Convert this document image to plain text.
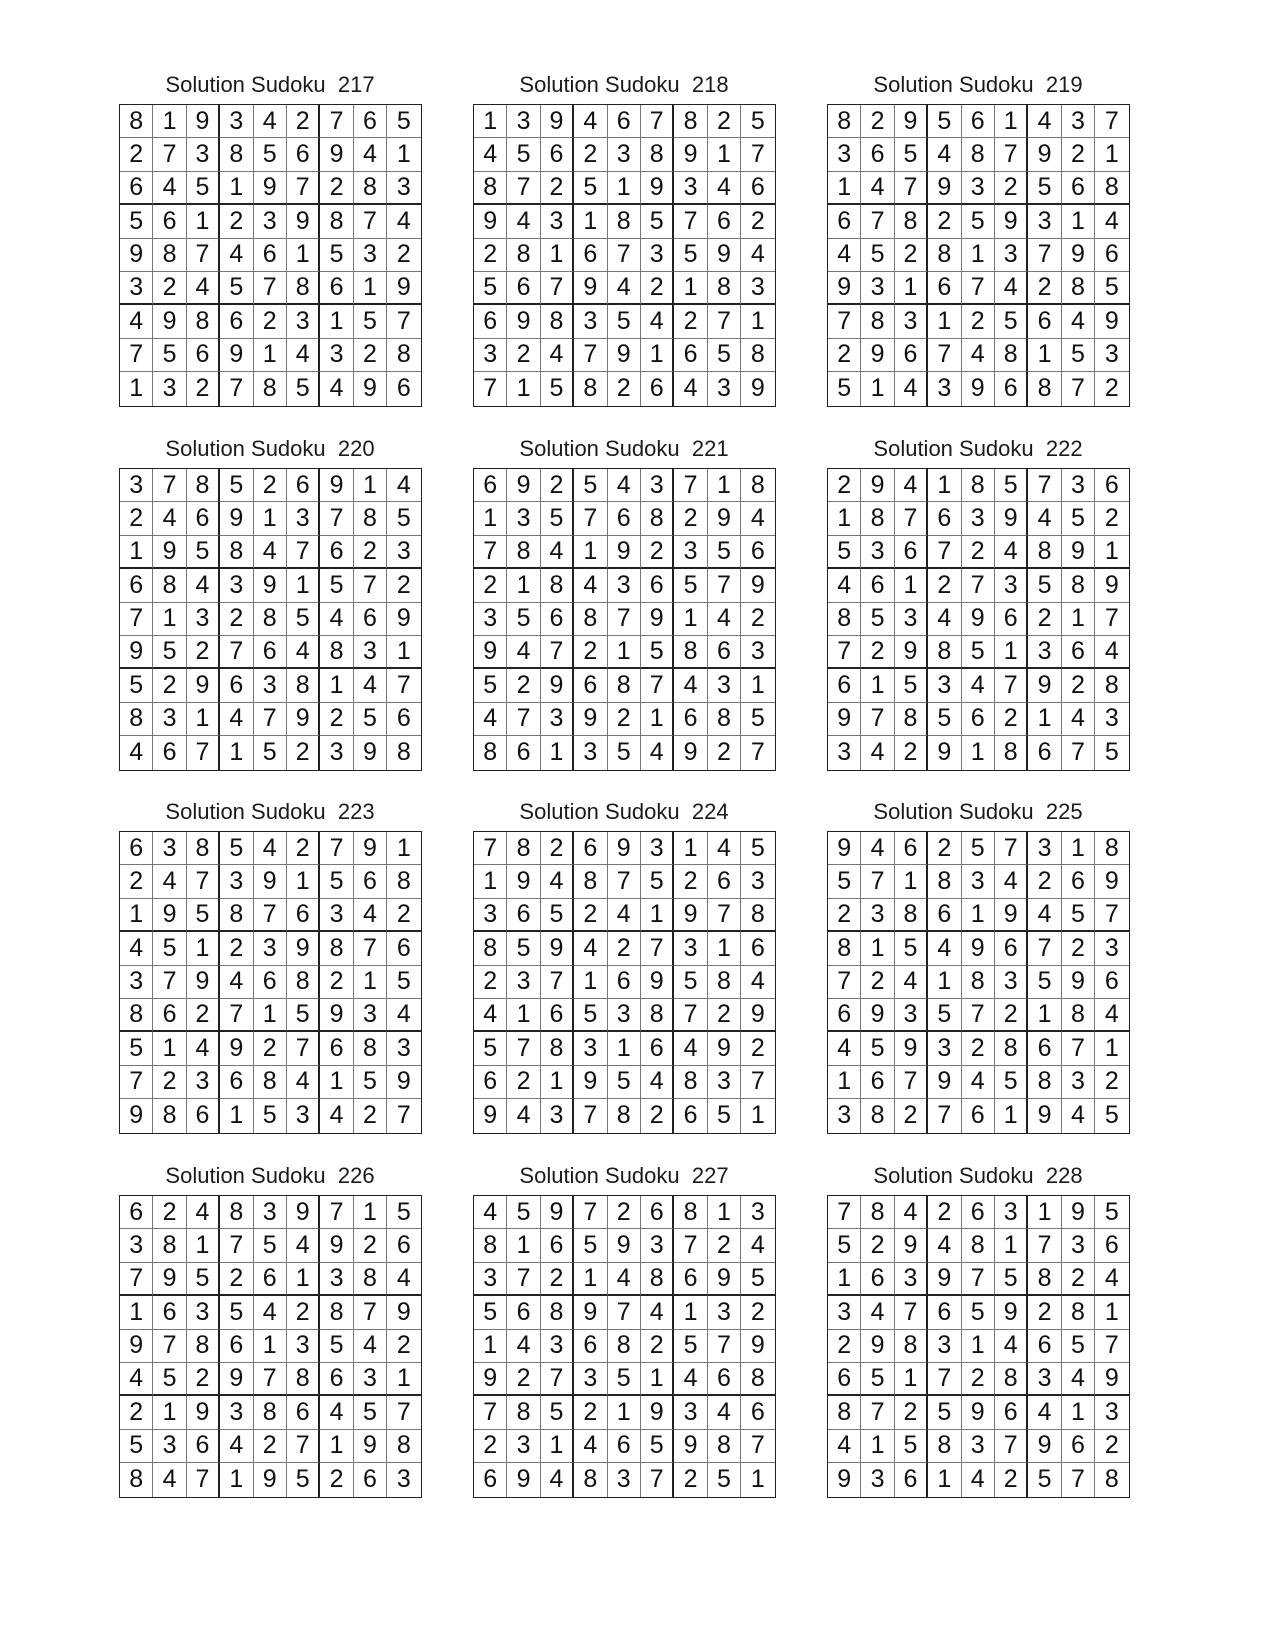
Solution Sudoku  217
8 1 9 3 4 2 7 6 5
2 7 3 8 5 6 9 4 1
6 4 5 1 9 7 2 8 3
5 6 1 2 3 9 8 7 4
9 8 7 4 6 1 5 3 2
3 2 4 5 7 8 6 1 9
4 9 8 6 2 3 1 5 7
7 5 6 9 1 4 3 2 8
1 3 2 7 8 5 4 9 6
Solution Sudoku  218
1 3 9 4 6 7 8 2 5
4 5 6 2 3 8 9 1 7
8 7 2 5 1 9 3 4 6
9 4 3 1 8 5 7 6 2
2 8 1 6 7 3 5 9 4
5 6 7 9 4 2 1 8 3
6 9 8 3 5 4 2 7 1
3 2 4 7 9 1 6 5 8
7 1 5 8 2 6 4 3 9
Solution Sudoku  219
8 2 9 5 6 1 4 3 7
3 6 5 4 8 7 9 2 1
1 4 7 9 3 2 5 6 8
6 7 8 2 5 9 3 1 4
4 5 2 8 1 3 7 9 6
9 3 1 6 7 4 2 8 5
7 8 3 1 2 5 6 4 9
2 9 6 7 4 8 1 5 3
5 1 4 3 9 6 8 7 2
Solution Sudoku  220
3 7 8 5 2 6 9 1 4
2 4 6 9 1 3 7 8 5
1 9 5 8 4 7 6 2 3
6 8 4 3 9 1 5 7 2
7 1 3 2 8 5 4 6 9
9 5 2 7 6 4 8 3 1
5 2 9 6 3 8 1 4 7
8 3 1 4 7 9 2 5 6
4 6 7 1 5 2 3 9 8
Solution Sudoku  221
6 9 2 5 4 3 7 1 8
1 3 5 7 6 8 2 9 4
7 8 4 1 9 2 3 5 6
2 1 8 4 3 6 5 7 9
3 5 6 8 7 9 1 4 2
9 4 7 2 1 5 8 6 3
5 2 9 6 8 7 4 3 1
4 7 3 9 2 1 6 8 5
8 6 1 3 5 4 9 2 7
Solution Sudoku  222
2 9 4 1 8 5 7 3 6
1 8 7 6 3 9 4 5 2
5 3 6 7 2 4 8 9 1
4 6 1 2 7 3 5 8 9
8 5 3 4 9 6 2 1 7
7 2 9 8 5 1 3 6 4
6 1 5 3 4 7 9 2 8
9 7 8 5 6 2 1 4 3
3 4 2 9 1 8 6 7 5
Solution Sudoku  223
6 3 8 5 4 2 7 9 1
2 4 7 3 9 1 5 6 8
1 9 5 8 7 6 3 4 2
4 5 1 2 3 9 8 7 6
3 7 9 4 6 8 2 1 5
8 6 2 7 1 5 9 3 4
5 1 4 9 2 7 6 8 3
7 2 3 6 8 4 1 5 9
9 8 6 1 5 3 4 2 7
Solution Sudoku  224
7 8 2 6 9 3 1 4 5
1 9 4 8 7 5 2 6 3
3 6 5 2 4 1 9 7 8
8 5 9 4 2 7 3 1 6
2 3 7 1 6 9 5 8 4
4 1 6 5 3 8 7 2 9
5 7 8 3 1 6 4 9 2
6 2 1 9 5 4 8 3 7
9 4 3 7 8 2 6 5 1
Solution Sudoku  225
9 4 6 2 5 7 3 1 8
5 7 1 8 3 4 2 6 9
2 3 8 6 1 9 4 5 7
8 1 5 4 9 6 7 2 3
7 2 4 1 8 3 5 9 6
6 9 3 5 7 2 1 8 4
4 5 9 3 2 8 6 7 1
1 6 7 9 4 5 8 3 2
3 8 2 7 6 1 9 4 5
Solution Sudoku  226
6 2 4 8 3 9 7 1 5
3 8 1 7 5 4 9 2 6
7 9 5 2 6 1 3 8 4
1 6 3 5 4 2 8 7 9
9 7 8 6 1 3 5 4 2
4 5 2 9 7 8 6 3 1
2 1 9 3 8 6 4 5 7
5 3 6 4 2 7 1 9 8
8 4 7 1 9 5 2 6 3
Solution Sudoku  227
4 5 9 7 2 6 8 1 3
8 1 6 5 9 3 7 2 4
3 7 2 1 4 8 6 9 5
5 6 8 9 7 4 1 3 2
1 4 3 6 8 2 5 7 9
9 2 7 3 5 1 4 6 8
7 8 5 2 1 9 3 4 6
2 3 1 4 6 5 9 8 7
6 9 4 8 3 7 2 5 1
Solution Sudoku  228
7 8 4 2 6 3 1 9 5
5 2 9 4 8 1 7 3 6
1 6 3 9 7 5 8 2 4
3 4 7 6 5 9 2 8 1
2 9 8 3 1 4 6 5 7
6 5 1 7 2 8 3 4 9
8 7 2 5 9 6 4 1 3
4 1 5 8 3 7 9 6 2
9 3 6 1 4 2 5 7 8
